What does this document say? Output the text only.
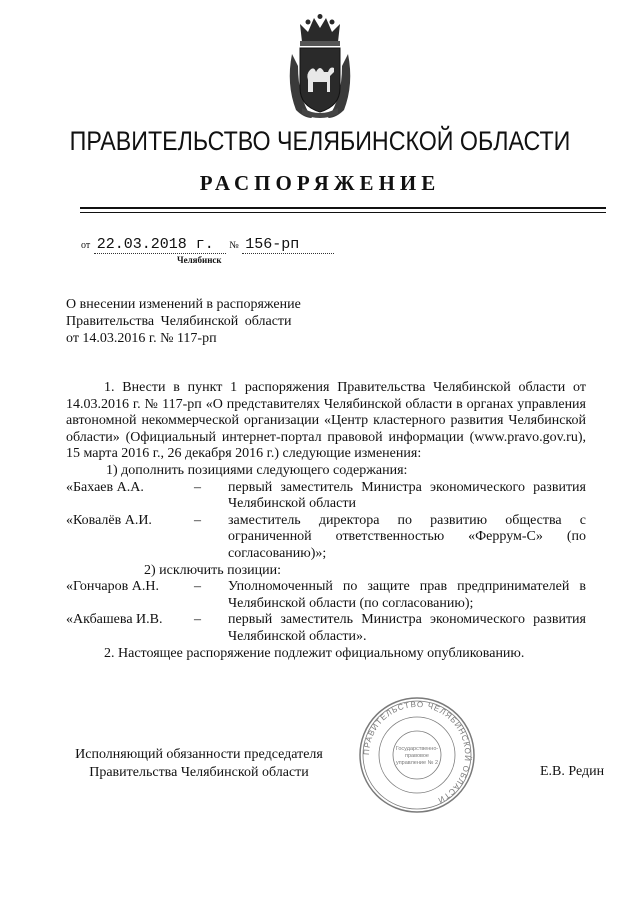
ПРАВИТЕЛЬСТВО ЧЕЛЯБИНСКОЙ ОБЛАСТИ
РАСПОРЯЖЕНИЕ
от 22.03.2018 г. № 156-рп
Челябинск
О внесении изменений в распоряжение
Правительства Челябинской области
от 14.03.2016 г. № 117-рп
1. Внести в пункт 1 распоряжения Правительства Челябинской области от 14.03.2016 г. № 117-рп «О представителях Челябинской области в органах управления автономной некоммерческой организации «Центр кластерного развития Челябинской области» (Официальный интернет-портал правовой информации (www.pravo.gov.ru), 15 марта 2016 г., 26 декабря 2016 г.) следующие изменения:
1) дополнить позициями следующего содержания:
«Бахаев А.А.	–	первый заместитель Министра экономического развития Челябинской области
«Ковалёв А.И.	–	заместитель директора по развитию общества с ограниченной ответственностью «Феррум-С» (по согласованию)»;
2) исключить позиции:
«Гончаров А.Н.	–	Уполномоченный по защите прав предпринимателей в Челябинской области (по согласованию);
«Акбашева И.В.	–	первый заместитель Министра экономического развития Челябинской области».
2. Настоящее распоряжение подлежит официальному опубликованию.
ПРАВИТЕЛЬСТВО ЧЕЛЯБИНСКОЙ ОБЛАСТИ
Государственно-
правовое
управление № 2
Исполняющий обязанности председателя
Правительства Челябинской области	Е.В. Редин
